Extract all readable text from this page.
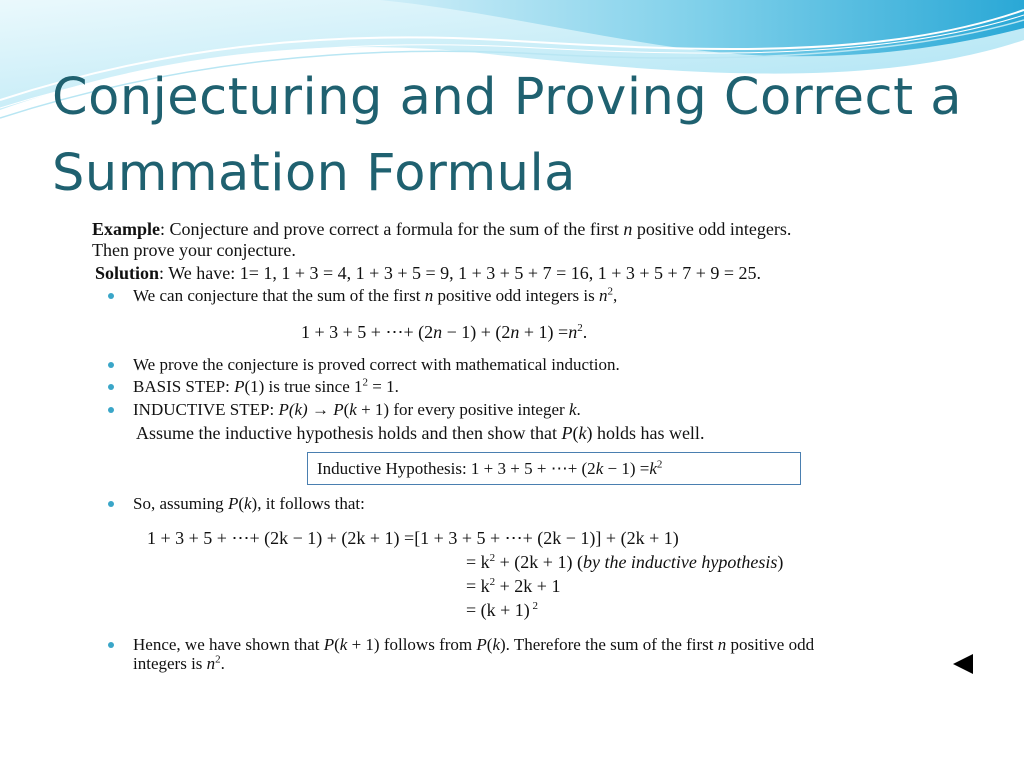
Conjecturing and Proving Correct a Summation Formula
Example: Conjecture and prove correct a formula for the sum of the first n positive odd integers.
Then prove your conjecture.
Solution: We have: 1= 1, 1 + 3 = 4, 1 + 3 + 5 = 9, 1 + 3 + 5 + 7 = 16, 1 + 3 + 5 + 7 + 9 = 25.
We can conjecture that the sum of the first n positive odd integers is $n^2$,
1 + 3 + 5 + ⋯+ $(2n - 1) + (2n + 1) =n^2$.
We prove the conjecture is proved correct with mathematical induction.
BASIS STEP: P(1) is true since $1^2 = 1$.
INDUCTIVE STEP: P(k) → P(k + 1) for every positive integer k.
Assume the inductive hypothesis holds and then show that P(k) holds has well.
Inductive Hypothesis: 1 + 3 + 5 + ⋯+ $(2k - 1) =k^2$
So, assuming P(k), it follows that:
1 + 3 + 5 + ⋯+ (2k − 1) + (2k + 1) =[1 + 3 + 5 + ⋯+ (2k − 1)] + (2k + 1)
= $k^2 + (2k + 1)$ (by the inductive hypothesis)
= $k^2 + 2k + 1$
= (k + 1) $^2$
Hence, we have shown that P(k + 1) follows from P(k). Therefore the sum of the first n positive odd
integers is $n^2$.
